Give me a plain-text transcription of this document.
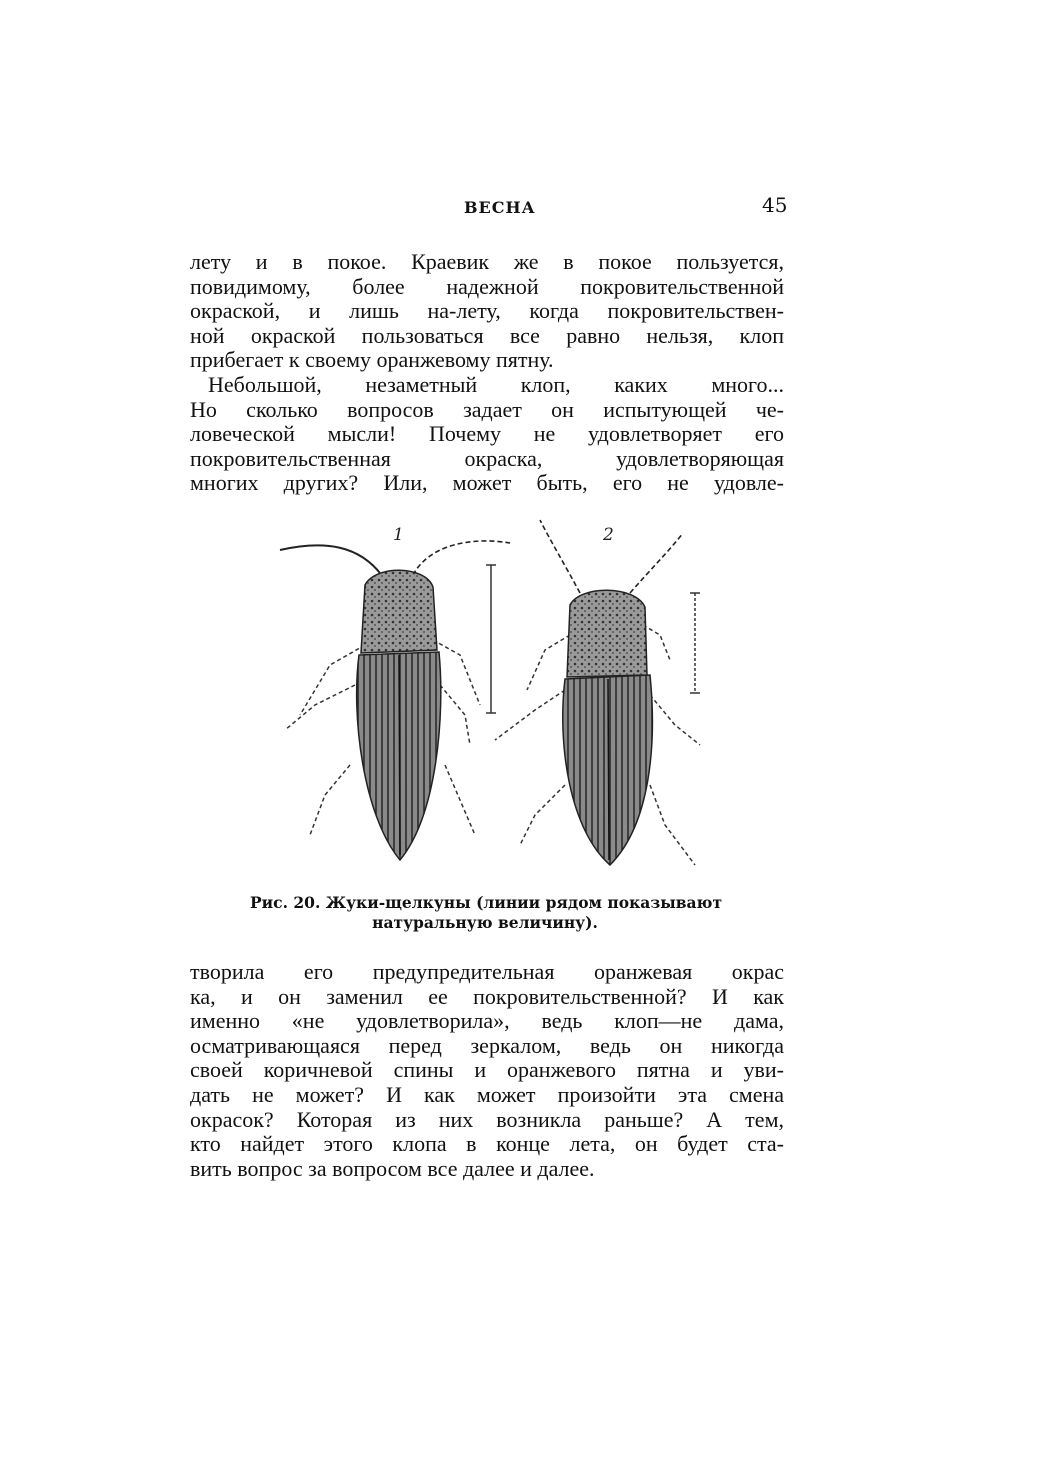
ВЕСНА	45
лету и в покое. Краевик же в покое пользуется,
повидимому, более надежной покровительственной
окраской, и лишь на-лету, когда покровительствен-
ной окраской пользоваться все равно нельзя, клоп
прибегает к своему оранжевому пятну.
Небольшой, незаметный клоп, каких много...
Но сколько вопросов задает он испытующей че-
ловеческой мысли! Почему не удовлетворяет его
покровительственная окраска, удовлетворяющая
многих других? Или, может быть, его не удовле-
1	2
Рис. 20. Жуки-щелкуны (линии рядом показывают
натуральную величину).
творила его предупредительная оранжевая окрас
ка, и он заменил ее покровительственной? И как
именно «не удовлетворила», ведь клоп—не дама,
осматривающаяся перед зеркалом, ведь он никогда
своей коричневой спины и оранжевого пятна и уви-
дать не может? И как может произойти эта смена
окрасок? Которая из них возникла раньше? А тем,
кто найдет этого клопа в конце лета, он будет ста-
вить вопрос за вопросом все далее и далее.
